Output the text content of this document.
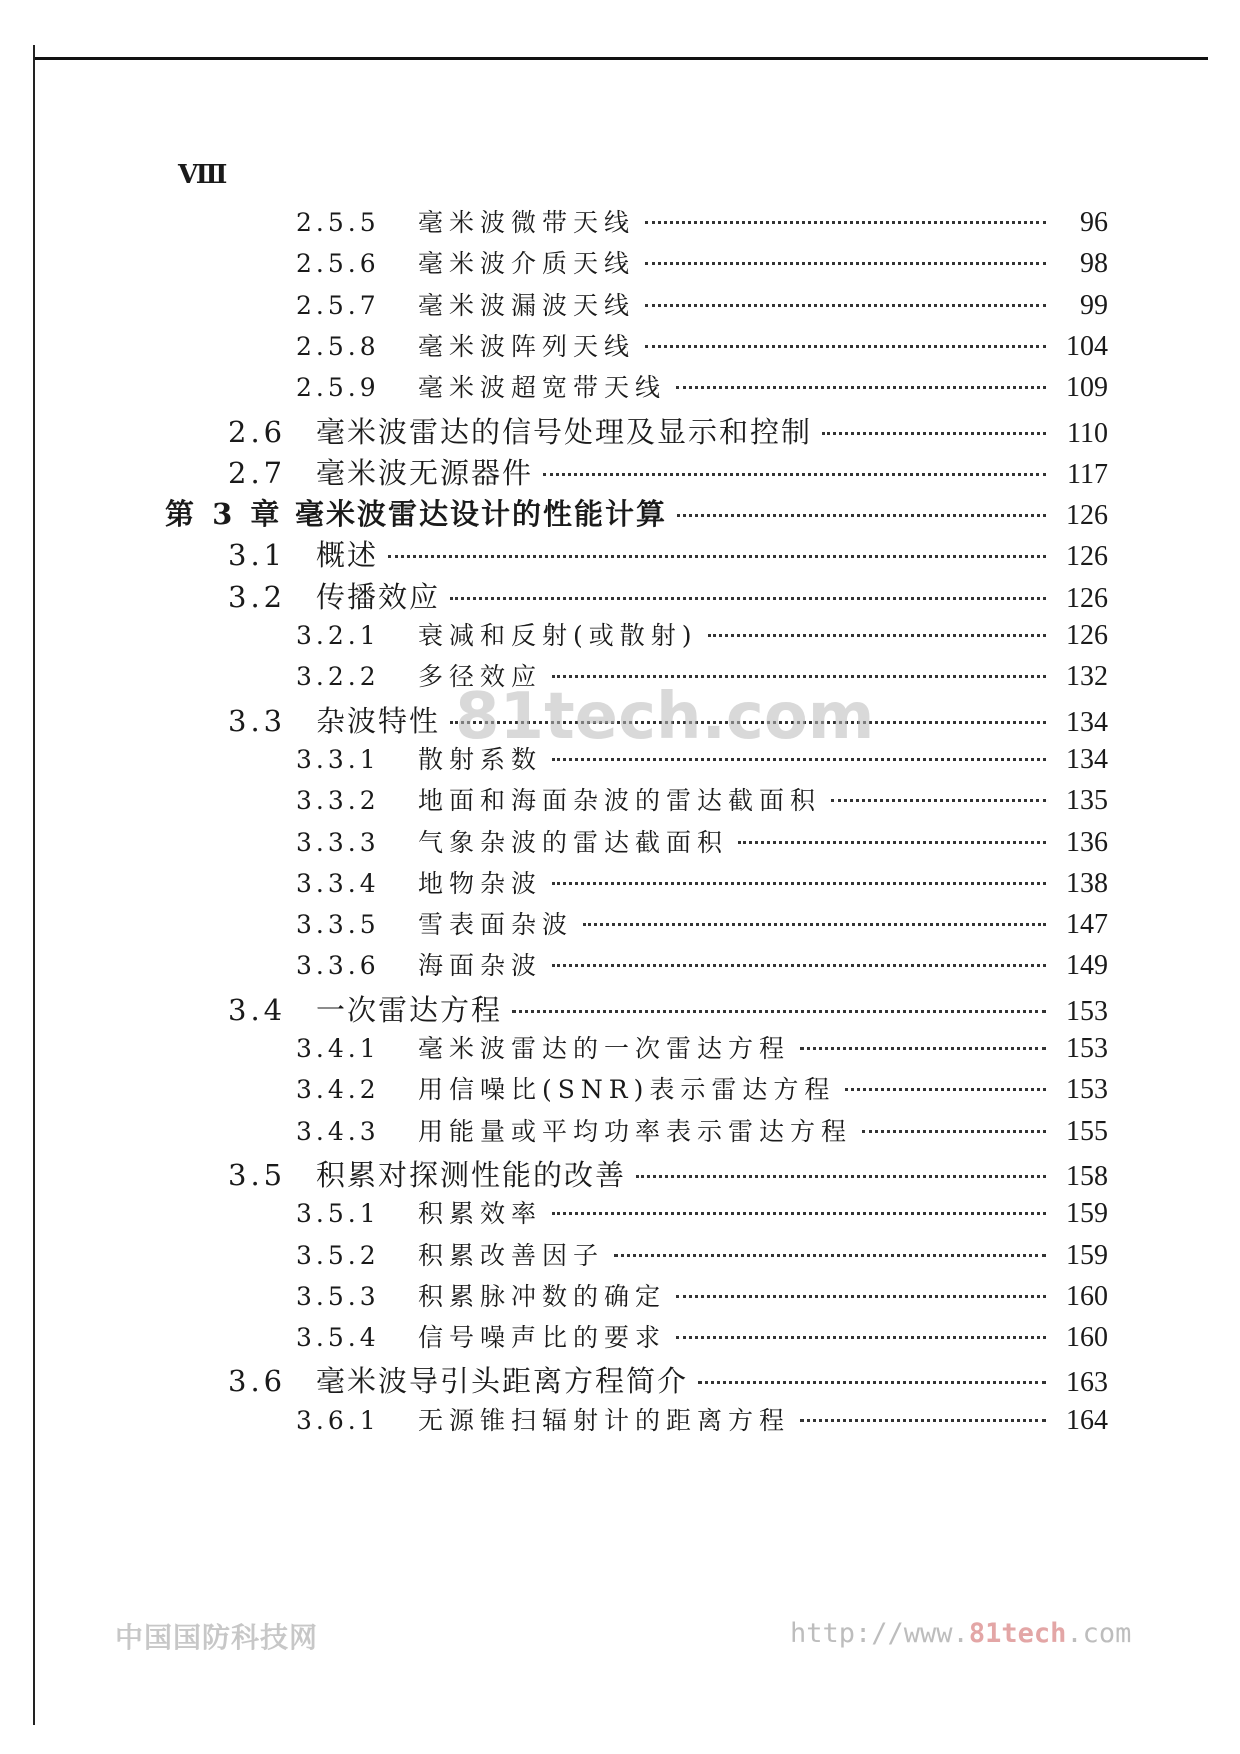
Ⅷ
2.5.5	毫米波微带天线	96
2.5.6	毫米波介质天线	98
2.5.7	毫米波漏波天线	99
2.5.8	毫米波阵列天线	104
2.5.9	毫米波超宽带天线	109
2.6	毫米波雷达的信号处理及显示和控制	110
2.7	毫米波无源器件	117
第 3 章 毫米波雷达设计的性能计算	126
3.1	概述	126
3.2	传播效应	126
3.2.1	衰减和反射(或散射)	126
3.2.2	多径效应	132
3.3	杂波特性	134
3.3.1	散射系数	134
3.3.2	地面和海面杂波的雷达截面积	135
3.3.3	气象杂波的雷达截面积	136
3.3.4	地物杂波	138
3.3.5	雪表面杂波	147
3.3.6	海面杂波	149
3.4	一次雷达方程	153
3.4.1	毫米波雷达的一次雷达方程	153
3.4.2	用信噪比(SNR)表示雷达方程	153
3.4.3	用能量或平均功率表示雷达方程	155
3.5	积累对探测性能的改善	158
3.5.1	积累效率	159
3.5.2	积累改善因子	159
3.5.3	积累脉冲数的确定	160
3.5.4	信号噪声比的要求	160
3.6	毫米波导引头距离方程简介	163
3.6.1	无源锥扫辐射计的距离方程	164
81tech.com
中国国防科技网	http://www.81tech.com
